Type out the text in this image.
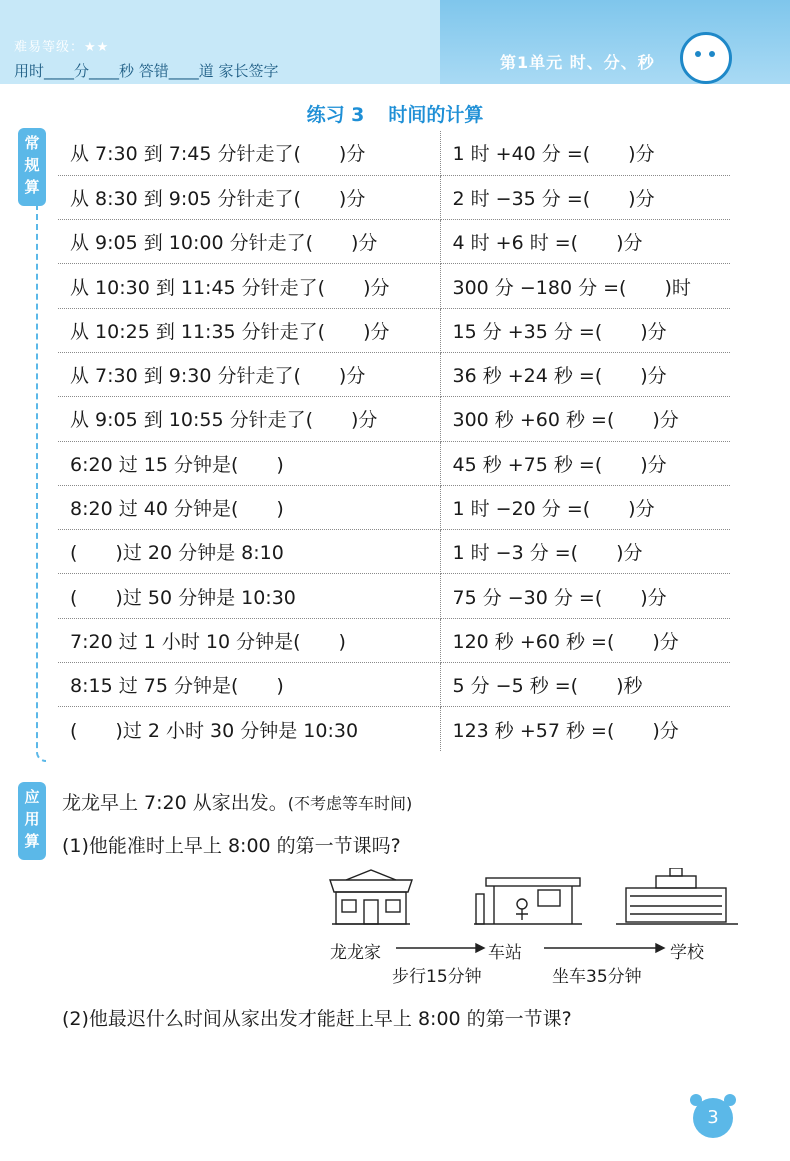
难易等级：★★
用时____分____秒 答错____道 家长签字	第1单元 时、分、秒
练习 3 时间的计算
常规算
从 7:30 到 7:45 分针走了(　　)分	1 时 +40 分 =(　　)分
从 8:30 到 9:05 分针走了(　　)分	2 时 −35 分 =(　　)分
从 9:05 到 10:00 分针走了(　　)分	4 时 +6 时 =(　　)分
从 10:30 到 11:45 分针走了(　　)分	300 分 −180 分 =(　　)时
从 10:25 到 11:35 分针走了(　　)分	15 分 +35 分 =(　　)分
从 7:30 到 9:30 分针走了(　　)分	36 秒 +24 秒 =(　　)分
从 9:05 到 10:55 分针走了(　　)分	300 秒 +60 秒 =(　　)分
6:20 过 15 分钟是(　　)	45 秒 +75 秒 =(　　)分
8:20 过 40 分钟是(　　)	1 时 −20 分 =(　　)分
(　　)过 20 分钟是 8:10	1 时 −3 分 =(　　)分
(　　)过 50 分钟是 10:30	75 分 −30 分 =(　　)分
7:20 过 1 小时 10 分钟是(　　)	120 秒 +60 秒 =(　　)分
8:15 过 75 分钟是(　　)	5 分 −5 秒 =(　　)秒
(　　)过 2 小时 30 分钟是 10:30	123 秒 +57 秒 =(　　)分
应用算
龙龙早上 7:20 从家出发。(不考虑等车时间)
(1)他能准时上早上 8:00 的第一节课吗?
龙龙家	车站	学校
步行15分钟	坐车35分钟
(2)他最迟什么时间从家出发才能赶上早上 8:00 的第一节课?
3
